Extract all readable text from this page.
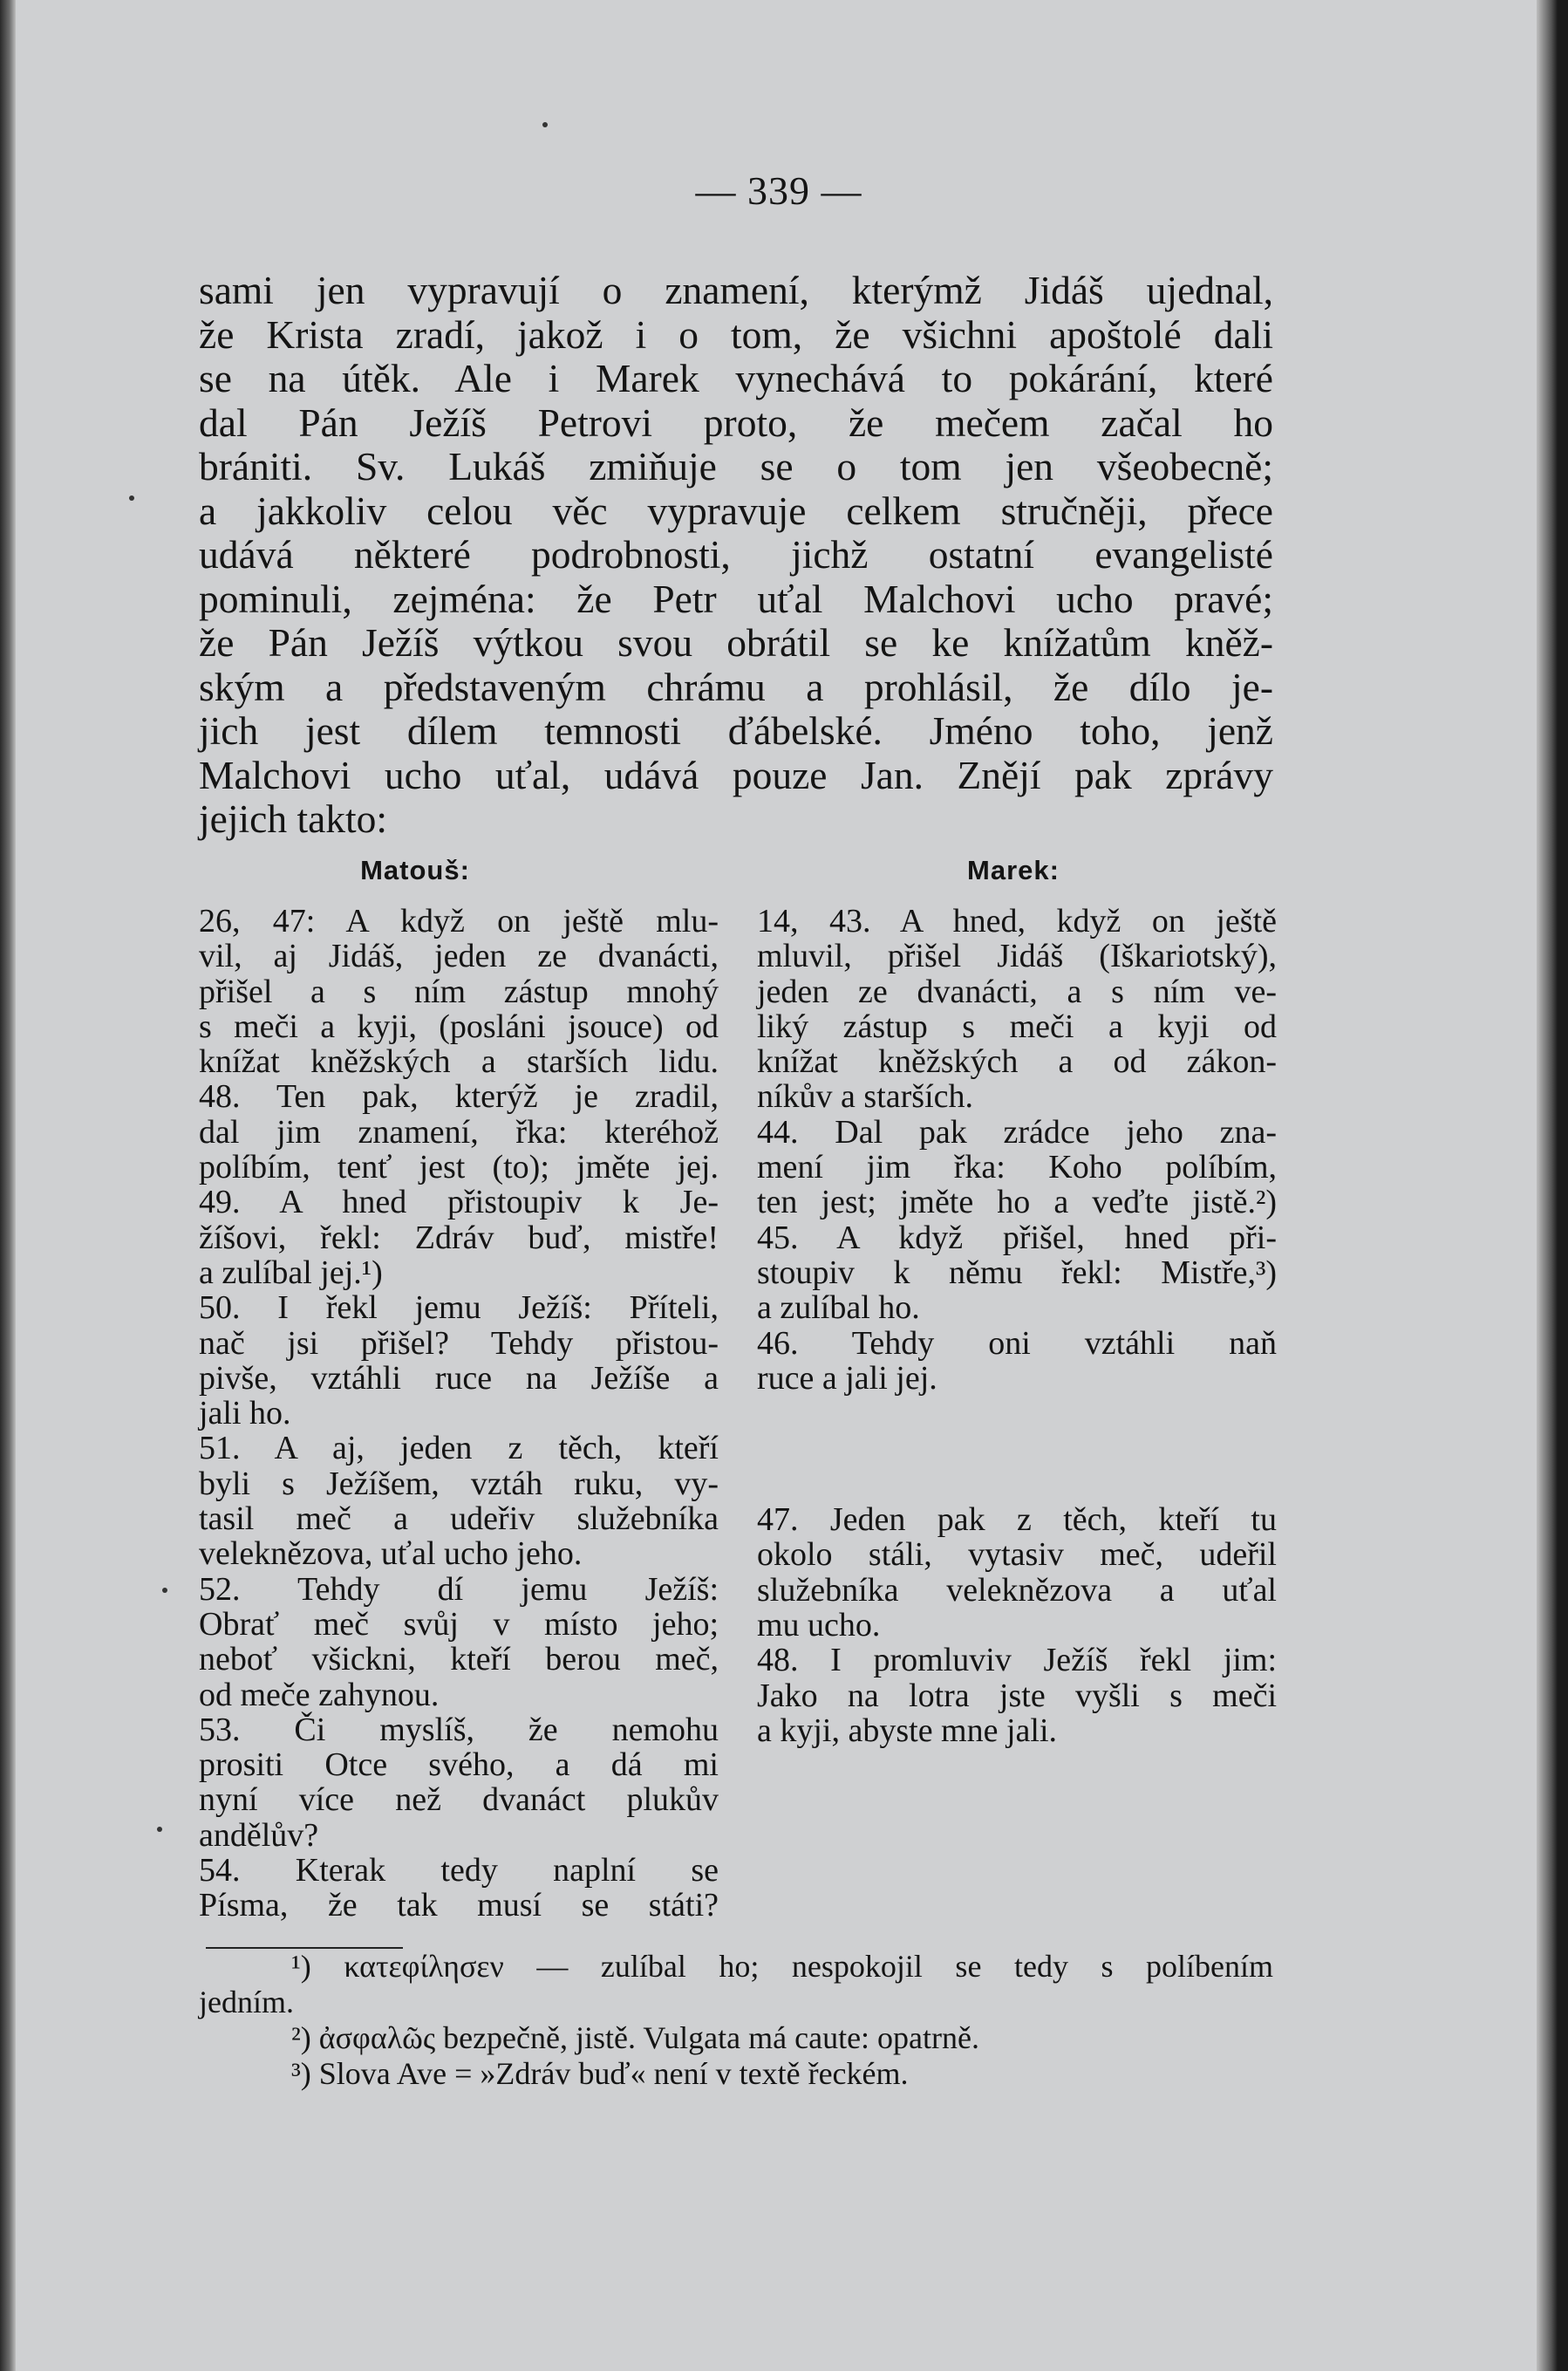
— 339 —
sami jen vypravují o znamení, kterýmž Jidáš ujednal,
že Krista zradí, jakož i o tom, že všichni apoštolé dali
se na útěk. Ale i Marek vynechává to pokárání, které
dal Pán Ježíš Petrovi proto, že mečem začal ho
brániti. Sv. Lukáš zmiňuje se o tom jen všeobecně;
a jakkoliv celou věc vypravuje celkem stručněji, přece
udává některé podrobnosti, jichž ostatní evangelisté
pominuli, zejména: že Petr uťal Malchovi ucho pravé;
že Pán Ježíš výtkou svou obrátil se ke knížatům kněž-
ským a představeným chrámu a prohlásil, že dílo je-
jich jest dílem temnosti ďábelské. Jméno toho, jenž
Malchovi ucho uťal, udává pouze Jan. Znějí pak zprávy
jejich takto:
Matouš:	Marek:
26, 47: A když on ještě mlu-
vil, aj Jidáš, jeden ze dvanácti,
přišel a s ním zástup mnohý
s meči a kyji, (posláni jsouce) od
knížat kněžských a starších lidu.
48. Ten pak, kterýž je zradil,
dal jim znamení, řka: kteréhož
políbím, tenť jest (to); jměte jej.
49. A hned přistoupiv k Je-
žíšovi, řekl: Zdráv buď, mistře!
a zulíbal jej.¹)
50. I řekl jemu Ježíš: Příteli,
nač jsi přišel? Tehdy přistou-
pivše, vztáhli ruce na Ježíše a
jali ho.
51. A aj, jeden z těch, kteří
byli s Ježíšem, vztáh ruku, vy-
tasil meč a udeřiv služebníka
veleknězova, uťal ucho jeho.
52. Tehdy dí jemu Ježíš:
Obrať meč svůj v místo jeho;
neboť všickni, kteří berou meč,
od meče zahynou.
53. Či myslíš, že nemohu
prositi Otce svého, a dá mi
nyní více než dvanáct plukův
andělův?
54. Kterak tedy naplní se
Písma, že tak musí se státi?
14, 43. A hned, když on ještě
mluvil, přišel Jidáš (Iškariotský),
jeden ze dvanácti, a s ním ve-
liký zástup s meči a kyji od
knížat kněžských a od zákon-
níkův a starších.
44. Dal pak zrádce jeho zna-
mení jim řka: Koho políbím,
ten jest; jměte ho a veďte jistě.²)
45. A když přišel, hned při-
stoupiv k němu řekl: Mistře,³)
a zulíbal ho.
46. Tehdy oni vztáhli naň
ruce a jali jej.
47. Jeden pak z těch, kteří tu
okolo stáli, vytasiv meč, udeřil
služebníka veleknězova a uťal
mu ucho.
48. I promluviv Ježíš řekl jim:
Jako na lotra jste vyšli s meči
a kyji, abyste mne jali.
¹) κατεφίλησεν — zulíbal ho; nespokojil se tedy s políbením
jedním.
²) ἀσφαλῶς bezpečně, jistě. Vulgata má caute: opatrně.
³) Slova Ave = »Zdráv buď« není v textě řeckém.
